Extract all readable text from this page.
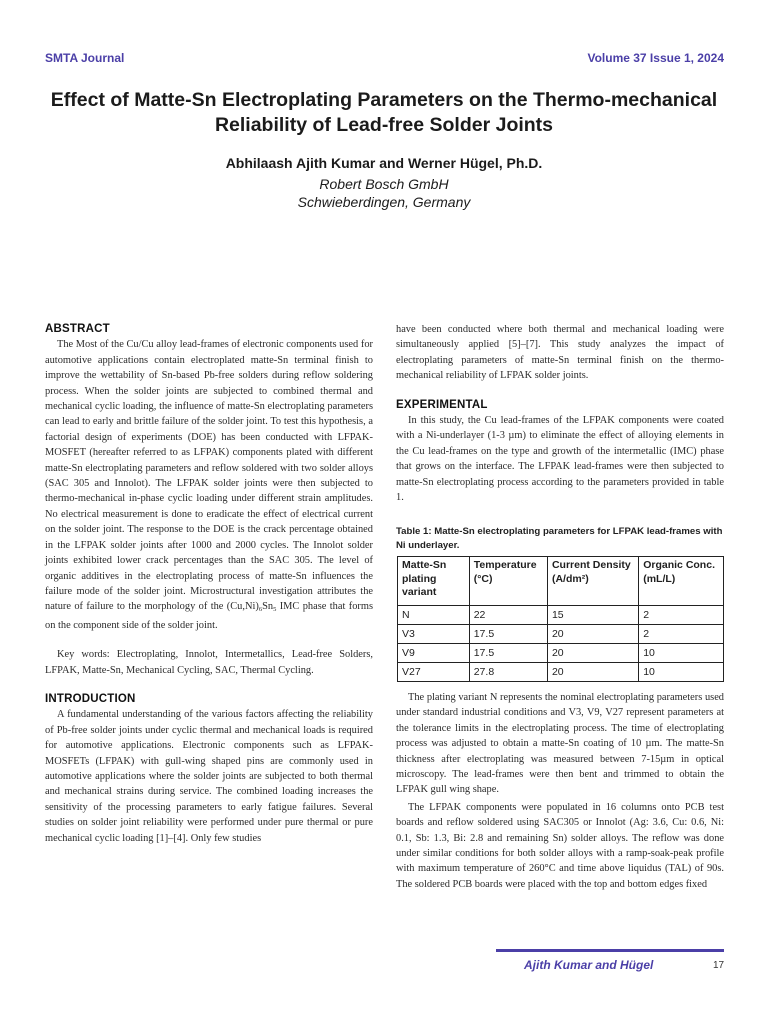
SMTA Journal	Volume 37 Issue 1, 2024
Effect of Matte-Sn Electroplating Parameters on the Thermo-mechanical Reliability of Lead-free Solder Joints
Abhilaash Ajith Kumar and Werner Hügel, Ph.D.
Robert Bosch GmbH
Schwieberdingen, Germany
ABSTRACT

The Most of the Cu/Cu alloy lead-frames of electronic components used for automotive applications contain electroplated matte-Sn terminal finish to improve the wettability of Sn-based Pb-free solders during reflow soldering process. When the solder joints are subjected to combined thermal and mechanical cyclic loading, the influence of matte-Sn electroplating parameters can lead to early and brittle failure of the solder joint. To test this hypothesis, a factorial design of experiments (DOE) has been conducted with LFPAK-MOSFET (hereafter referred to as LFPAK) components plated with different matte-Sn electroplating parameters and reflow soldered with two solder alloys (SAC 305 and Innolot). The LFPAK solder joints were then subjected to thermo-mechanical in-phase cyclic loading under different strain amplitudes. No electrical measurement is done to eradicate the effect of electrical current on the solder joint. The response to the DOE is the crack percentage obtained in the LFPAK solder joints after 1000 and 2000 cycles. The Innolot solder joints exhibited lower crack percentages than the SAC 305. The level of organic additives in the electroplating process of matte-Sn influences the failure mode of the solder joint. Microstructural investigation attributes the nature of failure to the morphology of the $(Cu,Ni)_6Sn_5$ IMC phase that forms on the component side of the solder joint.

Key words: Electroplating, Innolot, Intermetallics, Lead-free Solders, LFPAK, Matte-Sn, Mechanical Cycling, SAC, Thermal Cycling.

INTRODUCTION

A fundamental understanding of the various factors affecting the reliability of Pb-free solder joints under cyclic thermal and mechanical loads is required for automotive applications. Electronic components such as LFPAK-MOSFETs (LFPAK) with gull-wing shaped pins are commonly used in automotive applications where the solder joints are subjected to both thermal and mechanical strains during service. The combined loading increases the sensitivity of the processing parameters to early fatigue failures. Several studies on solder joint reliability were performed under pure thermal or pure mechanical cyclic loading [1]–[4]. Only few studies

have been conducted where both thermal and mechanical loading were simultaneously applied [5]–[7]. This study analyzes the impact of electroplating parameters of matte-Sn terminal finish on the thermo-mechanical reliability of LFPAK solder joints.

EXPERIMENTAL

In this study, the Cu lead-frames of the LFPAK components were coated with a Ni-underlayer (1-3 µm) to eliminate the effect of alloying elements in the Cu lead-frames on the type and growth of the intermetallic (IMC) phase that grows on the interface. The LFPAK lead-frames were then subjected to matte-Sn electroplating process according to the parameters provided in table 1.

Table 1: Matte-Sn electroplating parameters for LFPAK lead-frames with Ni underlayer.
Matte-Sn plating variant	Temperature (°C)	Current Density (A/dm²)	Organic Conc. (mL/L)
N	22	15	2
V3	17.5	20	2
V9	17.5	20	10
V27	27.8	20	10

The plating variant N represents the nominal electroplating parameters used under standard industrial conditions and V3, V9, V27 represent parameters at the tolerance limits in the electroplating process. The time of electroplating process was adjusted to obtain a matte-Sn coating of 10 µm. The matte-Sn thickness after electroplating was measured between 7-15µm in optical microscopy. The lead-frames were then bent and trimmed to obtain the LFPAK gull wing shape.

The LFPAK components were populated in 16 columns onto PCB test boards and reflow soldered using SAC305 or Innolot (Ag: 3.6, Cu: 0.6, Ni: 0.1, Sb: 1.3, Bi: 2.8 and remaining Sn) solder alloys. The reflow was done under similar conditions for both solder alloys with a ramp-soak-peak profile with maximum temperature of 260°C and time above liquidus (TAL) of 90s. The soldered PCB boards were placed with the top and bottom edges fixed

Ajith Kumar and Hügel	17
